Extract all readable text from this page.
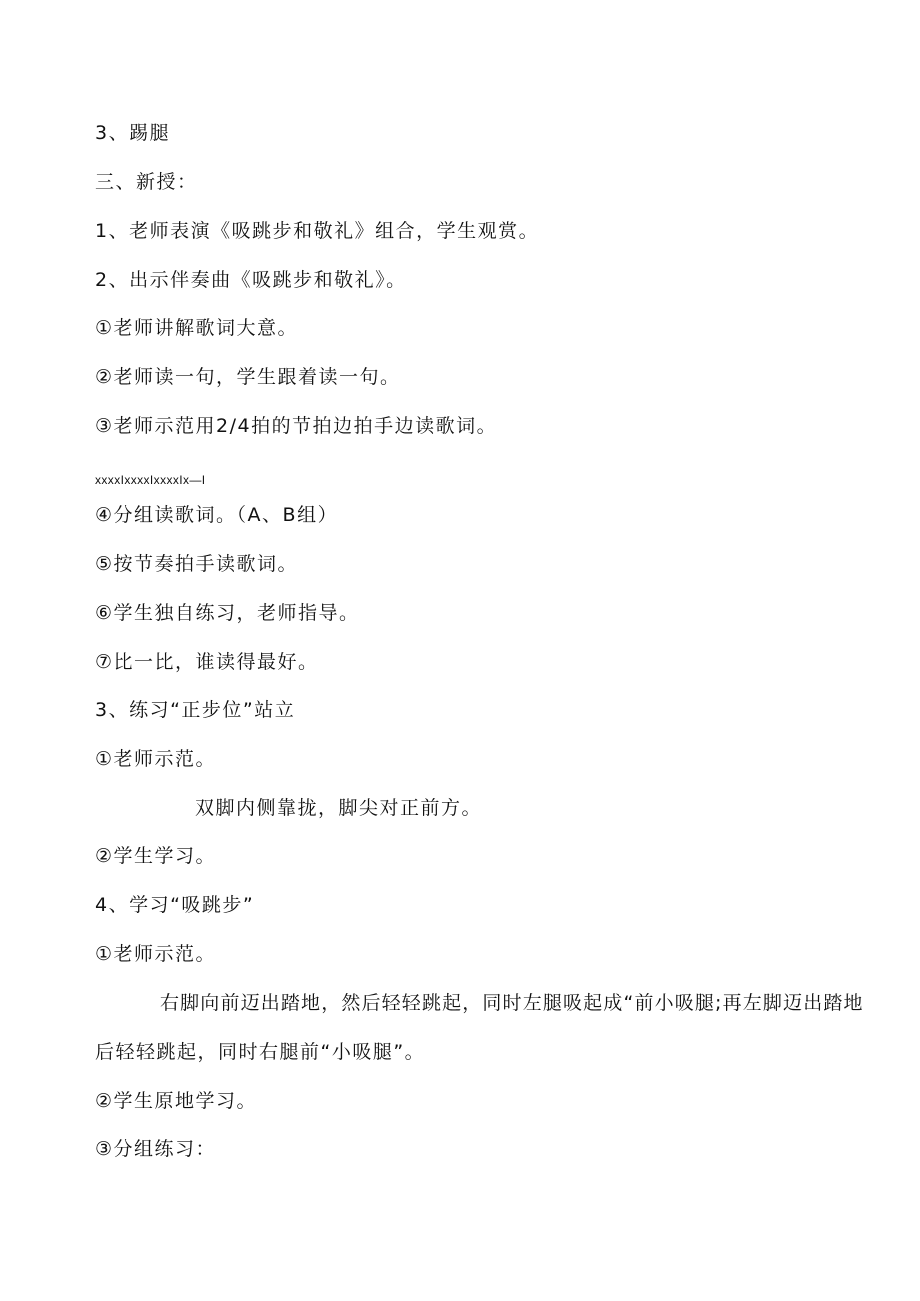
3、踢腿
三、新授：
1、老师表演《吸跳步和敬礼》组合，学生观赏。
2、出示伴奏曲《吸跳步和敬礼》。
①老师讲解歌词大意。
②老师读一句，学生跟着读一句。
③老师示范用2/4拍的节拍边拍手边读歌词。
xxxxIxxxxIxxxxIx—I
④分组读歌词。（A、B组）
⑤按节奏拍手读歌词。
⑥学生独自练习，老师指导。
⑦比一比，谁读得最好。
3、练习“正步位”站立
①老师示范。
双脚内侧靠拢，脚尖对正前方。
②学生学习。
4、学习“吸跳步”
①老师示范。
右脚向前迈出踏地，然后轻轻跳起，同时左腿吸起成“前小吸腿;再左脚迈出踏地
后轻轻跳起，同时右腿前“小吸腿”。
②学生原地学习。
③分组练习：
